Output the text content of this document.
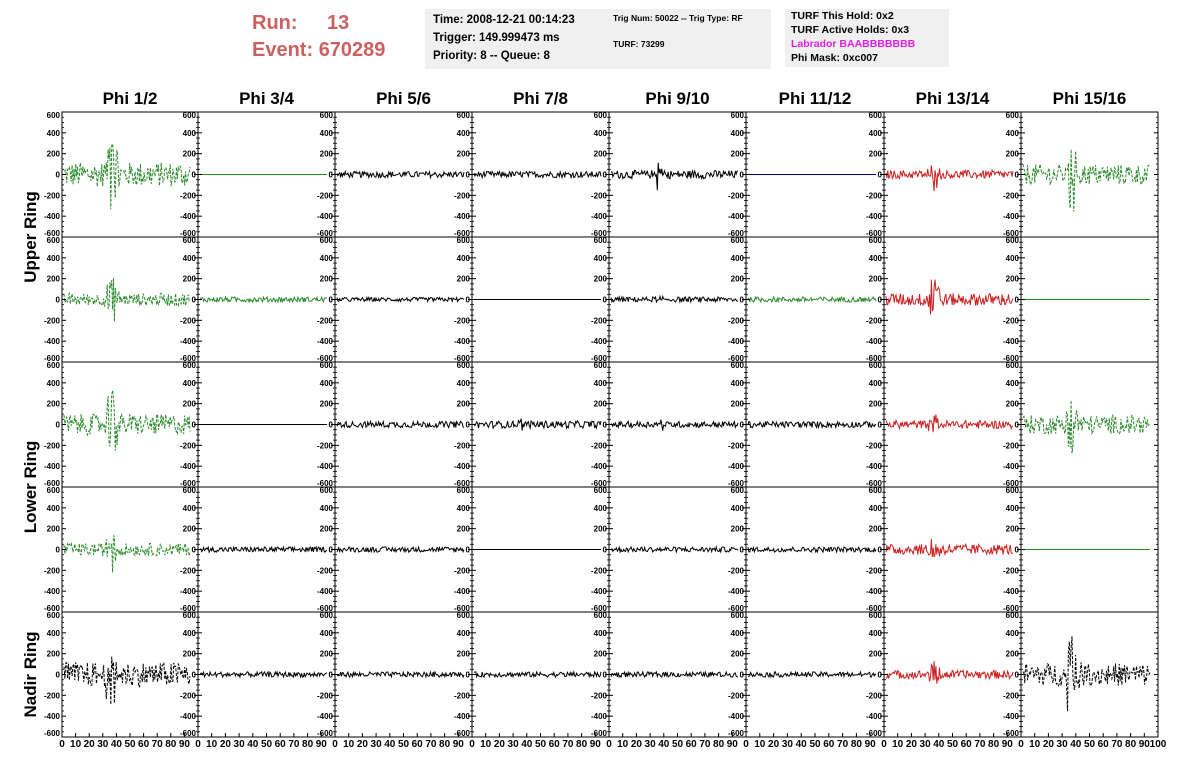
Run: 13
Event: 670289
Time: 2008-12-21 00:14:23
Trigger: 149.999473 ms
Priority: 8 -- Queue: 8
Trig Num: 50022 -- Trig Type: RF
TURF: 73299
TURF This Hold: 0x2
TURF Active Holds: 0x3
Labrador BAABBBBBBB
Phi Mask: 0xc007
Phi 1/2	Phi 3/4	Phi 5/6	Phi 7/8	Phi 9/10	Phi 11/12	Phi 13/14	Phi 15/16
Upper Ring
Lower Ring
Nadir Ring
-600
-400
-200
0
200
400
600
-600
-400
-200
0
200
400
600
-600
-400
-200
0
200
400
600
-600
-400
-200
0
200
400
600
-600
-400
-200
0
200
400
600
-600
-400
-200
0
200
400
600
-600
-400
-200
0
200
400
600
-600
-400
-200
0
200
400
600
-600
-400
-200
0
200
400
600
-600
-400
-200
0
200
400
600
-600
-400
-200
0
200
400
600
-600
-400
-200
0
200
400
600
-600
-400
-200
0
200
400
600
-600
-400
-200
0
200
400
600
-600
-400
-200
0
200
400
600
-600
-400
-200
0
200
400
600
-600
-400
-200
0
200
400
600
-600
-400
-200
0
200
400
600
-600
-400
-200
0
200
400
600
-600
-400
-200
0
200
400
600
-600
-400
-200
0
200
400
600
-600
-400
-200
0
200
400
600
-600
-400
-200
0
200
400
600
-600
-400
-200
0
200
400
600
-600
-400
-200
0
200
400
600
-600
-400
-200
0
200
400
600
-600
-400
-200
0
200
400
600
-600
-400
-200
0
200
400
600
-600
-400
-200
0
200
400
600
-600
-400
-200
0
200
400
600
-600
-400
-200
0
200
400
600
-600
-400
-200
0
200
400
600
-600
-400
-200
0
200
400
600
-600
-400
-200
0
200
400
600
-600
-400
-200
0
200
400
600
-600
-400
-200
0
200
400
600
-600
-400
-200
0
200
400
600
-600
-400
-200
0
200
400
600
-600
-400
-200
0
200
400
600
-600
-400
-200
0
200
400
600
0 10 20 30 40 50 60 70 80 90 0 10 20 30 40 50 60 70 80 90 0 10 20 30 40 50 60 70 80 90 0 10 20 30 40 50 60 70 80 90 0 10 20 30 40 50 60 70 80 90 0 10 20 30 40 50 60 70 80 90 0 10 20 30 40 50 60 70 80 90 0 10 20 30 40 50 60 70 80 90 100
